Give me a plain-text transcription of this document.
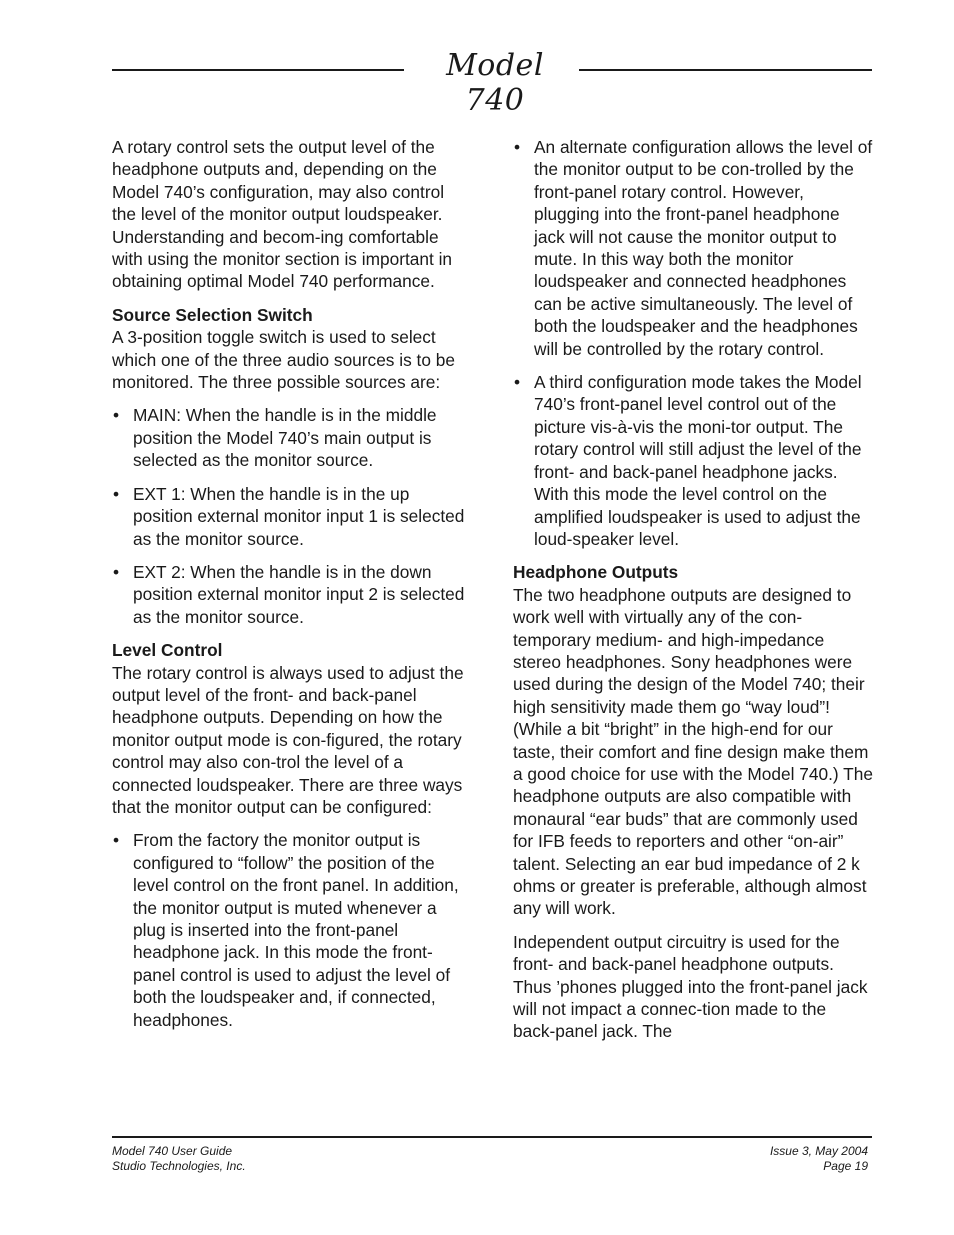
Model 740

A rotary control sets the output level of the headphone outputs and, depending on the Model 740’s configuration, may also control the level of the monitor output loudspeaker. Understanding and becom-ing comfortable with using the monitor section is important in obtaining optimal Model 740 performance.

Source Selection Switch

A 3-position toggle switch is used to select which one of the three audio sources is to be monitored. The three possible sources are:

• MAIN: When the handle is in the middle position the Model 740’s main output is selected as the monitor source.
• EXT 1: When the handle is in the up position external monitor input 1 is selected as the monitor source.
• EXT 2: When the handle is in the down position external monitor input 2 is selected as the monitor source.
Level Control

The rotary control is always used to adjust the output level of the front- and back-panel headphone outputs. Depending on how the monitor output mode is con-figured, the rotary control may also con-trol the level of a connected loudspeaker. There are three ways that the monitor output can be configured:

• From the factory the monitor output is configured to “follow” the position of the level control on the front panel. In addition, the monitor output is muted whenever a plug is inserted into the front-panel headphone jack. In this mode the front-panel control is used to adjust the level of both the loudspeaker and, if connected, headphones.
• An alternate configuration allows the level of the monitor output to be con-trolled by the front-panel rotary control. However, plugging into the front-panel headphone jack will not cause the monitor output to mute. In this way both the monitor loudspeaker and connected headphones can be active simultaneously. The level of both the loudspeaker and the headphones will be controlled by the rotary control.
• A third configuration mode takes the Model 740’s front-panel level control out of the picture vis-à-vis the moni-tor output. The rotary control will still adjust the level of the front- and back-panel headphone jacks. With this mode the level control on the amplified loudspeaker is used to adjust the loud-speaker level.
Headphone Outputs

The two headphone outputs are designed to work well with virtually any of the con-temporary medium- and high-impedance stereo headphones. Sony headphones were used during the design of the Model 740; their high sensitivity made them go “way loud”! (While a bit “bright” in the high-end for our taste, their comfort and fine design make them a good choice for use with the Model 740.) The headphone outputs are also compatible with monaural “ear buds” that are commonly used for IFB feeds to reporters and other “on-air” talent. Selecting an ear bud impedance of 2 k ohms or greater is preferable, although almost any will work.

Independent output circuitry is used for the front- and back-panel headphone outputs. Thus ’phones plugged into the front-panel jack will not impact a connec-tion made to the back-panel jack. The

Model 740 User Guide
Studio Technologies, Inc.
Issue 3, May 2004
Page 19
